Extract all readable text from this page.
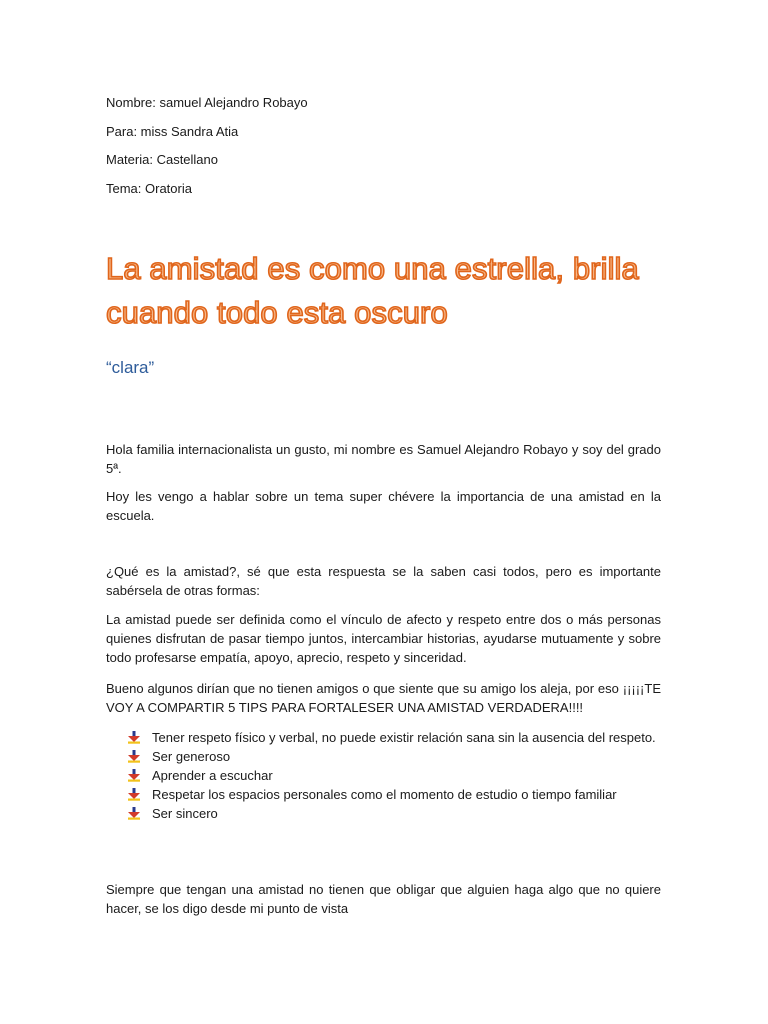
Nombre: samuel Alejandro Robayo
Para: miss Sandra Atia
Materia: Castellano
Tema: Oratoria
La amistad es como una estrella, brilla
cuando todo esta oscuro
“clara”

Hola familia internacionalista un gusto, mi nombre es Samuel Alejandro Robayo y soy del grado 5ª.

Hoy les vengo a hablar sobre un tema super chévere la importancia de una amistad en la escuela.

¿Qué es la amistad?, sé que esta respuesta se la saben casi todos, pero es importante sabérsela de otras formas:

La amistad puede ser definida como el vínculo de afecto y respeto entre dos o más personas quienes disfrutan de pasar tiempo juntos, intercambiar historias, ayudarse mutuamente y sobre todo profesarse empatía, apoyo, aprecio, respeto y sinceridad.

Bueno algunos dirían que no tienen amigos o que siente que su amigo los aleja, por eso ¡¡¡¡¡TE VOY A COMPARTIR 5 TIPS PARA FORTALESER UNA AMISTAD VERDADERA!!!!

Tener respeto físico y verbal, no puede existir relación sana sin la ausencia del respeto.
Ser generoso
Aprender a escuchar
Respetar los espacios personales como el momento de estudio o tiempo familiar
Ser sincero

Siempre que tengan una amistad no tienen que obligar que alguien haga algo que no quiere hacer, se los digo desde mi punto de vista
